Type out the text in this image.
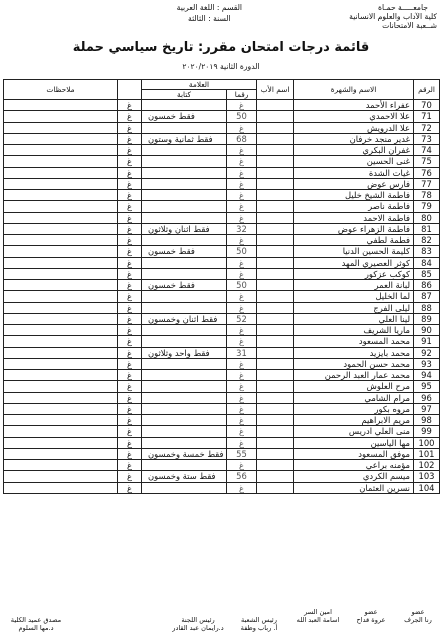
جامعـــــة حمـاة
كلية الآداب والعلوم الانسانية
شــعبة الامتحانات
القسم : اللغة العربية
السنة : الثالثة
قائمة درجات امتحان مقرر: تاريخ سياسي حملة
الدورة الثانية ٢٠٢٠/٢٠١٩
الرقم	الاسم والشهرة	اسم الأب	العلامة			ملاحظات
			رقما	كتابة		
70	عفراء الأحمد		غ		غ	
71	علا الاحمدي		50	فقط خمسون	غ	
72	علا الدرويش		غ		غ	
73	غدير منجد خرفان		68	فقط ثمانية وستون	غ	
74	غفران البكري		غ		غ	
75	غنى الحسين		غ		غ	
76	غيات الشدة		غ		غ	
77	فارس عوض		غ		غ	
78	فاطمة الشيخ خليل		غ		غ	
79	فاطمة ناصر		غ		غ	
80	فاطمة الاحمد		غ		غ	
81	فاطمة الزهراء عوض		32	فقط اثنان وثلاثون	غ	
82	فطمة لطفي		غ		غ	
83	كليمة الحسين الدنيا		50	فقط خمسون	غ	
84	كوثر العصيري المهد		غ		غ	
85	كوكب عزكور		غ		غ	
86	لبانة العمر		50	فقط خمسون	غ	
87	لما الخليل		غ		غ	
88	ليلى الفرج		غ		غ	
89	لينا العلي		52	فقط اثنان وخمسون	غ	
90	ماريا الشريف		غ		غ	
91	محمد المسعود		غ		غ	
92	محمد بايزيد		31	فقط واحد وثلاثون	غ	
93	محمد حسن الحمود		غ		غ	
94	محمد عمار العبد الرحمن		غ		غ	
95	مرح العلوش		غ		غ	
96	مرام الشامي		غ		غ	
97	مروه بكور		غ		غ	
98	مريم الابراهيم		غ		غ	
99	منى العلي ادريس		غ		غ	
100	مها الياسين		غ		غ	
101	موفق المسعود		55	فقط خمسة وخمسون	غ	
102	مؤمنه براعي		غ		غ	
103	ميسم الكردي		56	فقط ستة وخمسون	غ	
104	نسرين العثمان		غ		غ	
عضو
رنا الجرف
عضو
عروة قداح
امين السر
اسامة العبد الله
رئيس الشعبة
أ. رباب وظفة
رئيس اللجنة
د.رايمان عبد القادر
مصدق عميد الكلية
د.مها السلوم
